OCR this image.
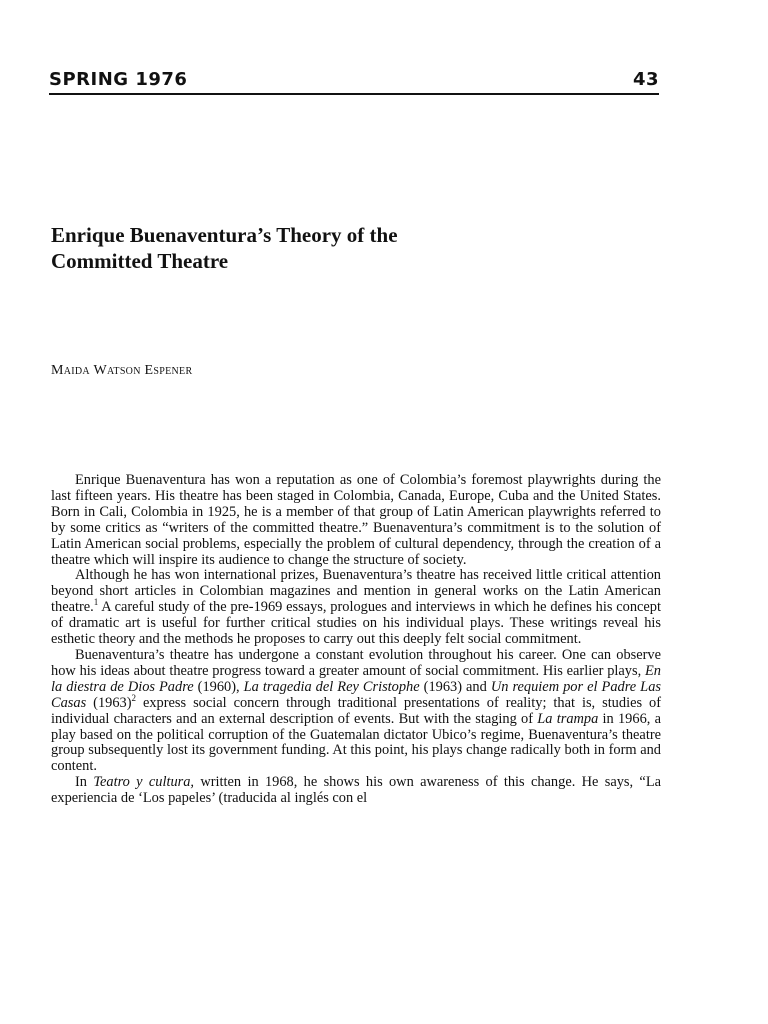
SPRING 1976	43
Enrique Buenaventura’s Theory of the
Committed Theatre
Maida Watson Espener

Enrique Buenaventura has won a reputation as one of Colombia’s foremost playwrights during the last fifteen years. His theatre has been staged in Colombia, Canada, Europe, Cuba and the United States. Born in Cali, Colombia in 1925, he is a member of that group of Latin American playwrights referred to by some critics as “writers of the committed theatre.” Buenaventura’s commitment is to the solution of Latin American social problems, especially the problem of cultural dependency, through the creation of a theatre which will inspire its audience to change the structure of society.

Although he has won international prizes, Buenaventura’s theatre has received little critical attention beyond short articles in Colombian magazines and mention in general works on the Latin American theatre.$^1$ A careful study of the pre-1969 essays, prologues and interviews in which he defines his concept of dramatic art is useful for further critical studies on his individual plays. These writings reveal his esthetic theory and the methods he proposes to carry out this deeply felt social commitment.

Buenaventura’s theatre has undergone a constant evolution throughout his career. One can observe how his ideas about theatre progress toward a greater amount of social commitment. His earlier plays, En la diestra de Dios Padre (1960), La tragedia del Rey Cristophe (1963) and Un requiem por el Padre Las Casas (1963)$^2$ express social concern through traditional presentations of reality; that is, studies of individual characters and an external description of events. But with the staging of La trampa in 1966, a play based on the political corruption of the Guatemalan dictator Ubico’s regime, Buenaventura’s theatre group subsequently lost its government funding. At this point, his plays change radically both in form and content.

In Teatro y cultura, written in 1968, he shows his own awareness of this change. He says, “La experiencia de ‘Los papeles’ (traducida al inglés con el
